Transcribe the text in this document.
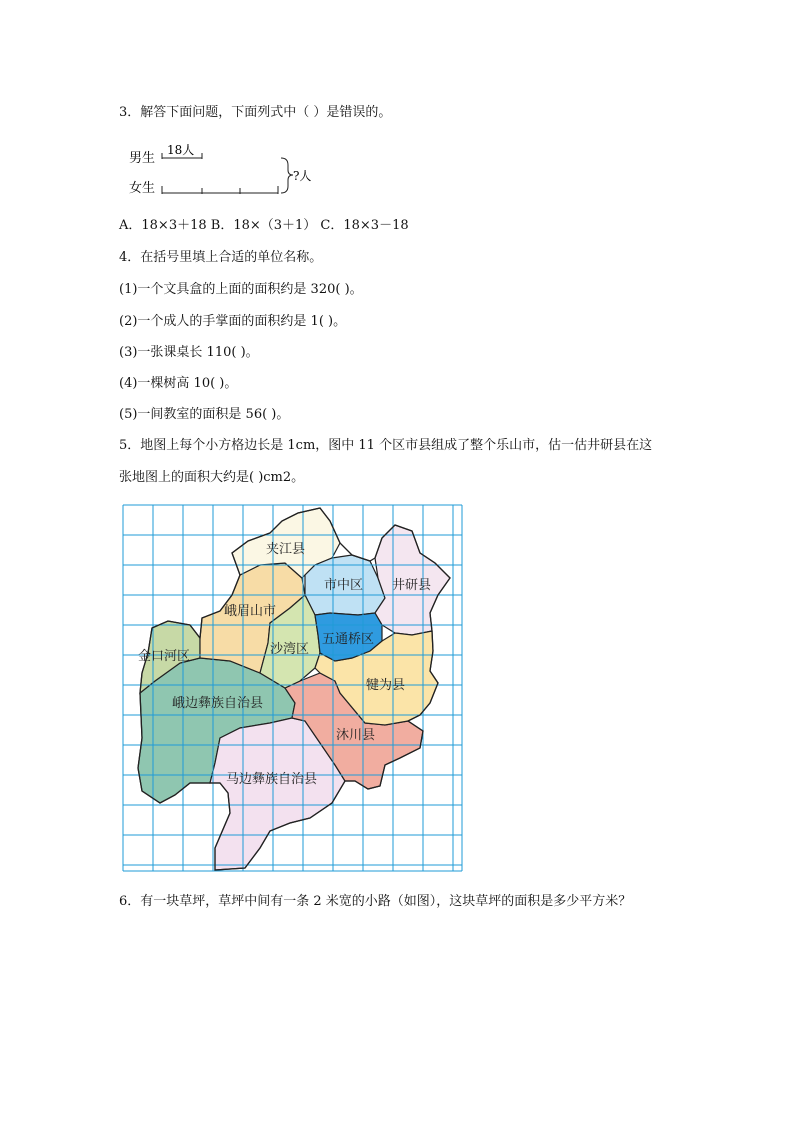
3．解答下面问题，下面列式中（ ）是错误的。
男生
18人
女生
?人
A．18×3＋18 B．18×（3＋1） C．18×3－18
4．在括号里填上合适的单位名称。
(1)一个文具盒的上面的面积约是 320( )。
(2)一个成人的手掌面的面积约是 1( )。
(3)一张课桌长 110( )。
(4)一棵树高 10( )。
(5)一间教室的面积是 56( )。
5．地图上每个小方格边长是 1cm，图中 11 个区市县组成了整个乐山市，估一估井研县在这
张地图上的面积大约是( )cm2。
夹江县
市中区 井研县
峨眉山市
五通桥区
金口河区	沙湾区
犍为县
峨边彝族自治县
沐川县
马边彝族自治县
6．有一块草坪，草坪中间有一条 2 米宽的小路（如图），这块草坪的面积是多少平方米？
